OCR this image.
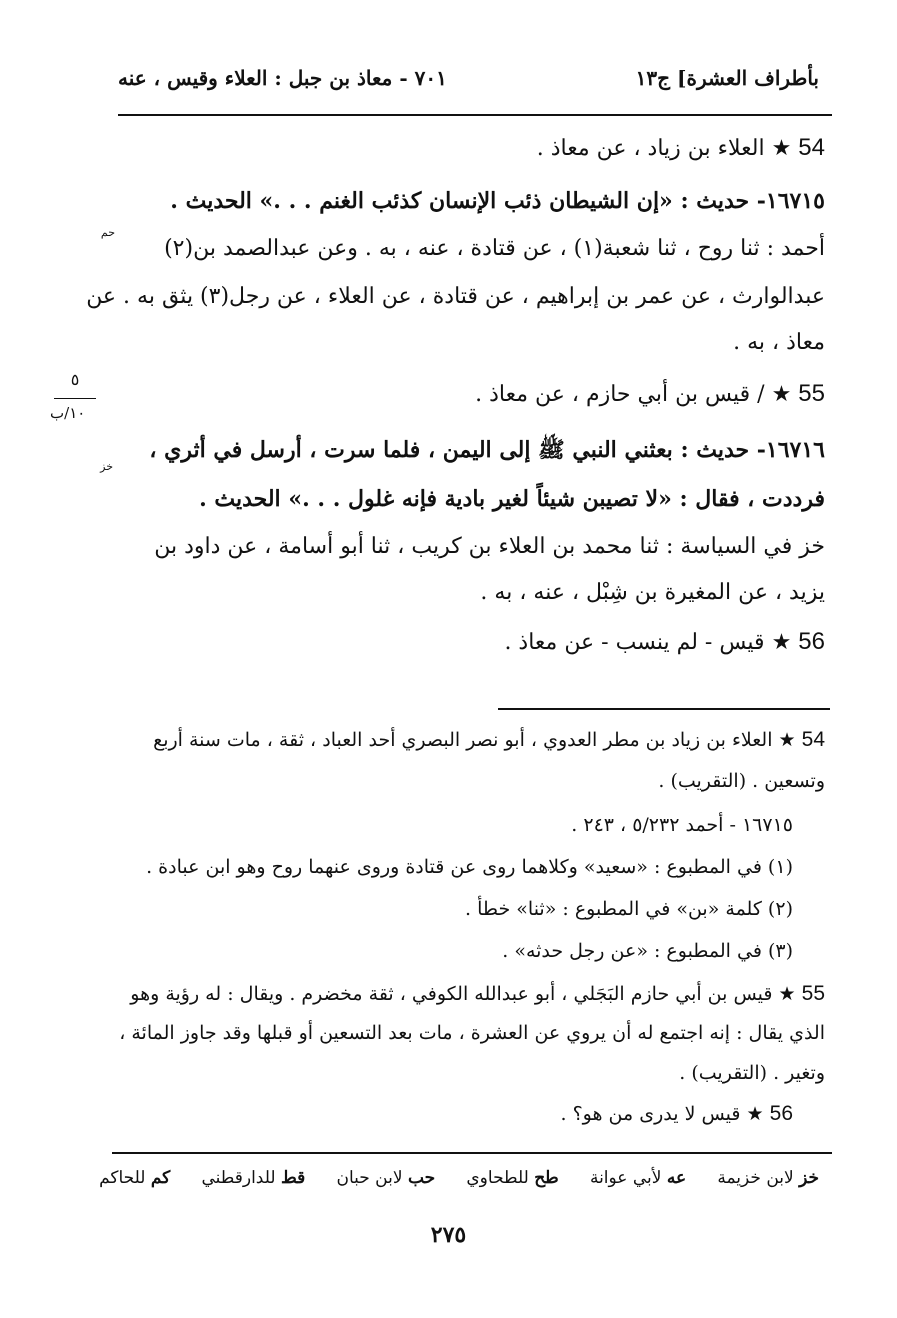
بأطراف العشرة] ج١٣
٧٠١ - معاذ بن جبل : العلاء وقيس ، عنه
٥
١٠/ب
54 ★ العلاء بن زياد ، عن معاذ .
١٦٧١٥- حديث : «إن الشيطان ذئب الإنسان كذئب الغنم . . .» الحديث .
حم
أحمد : ثنا روح ، ثنا شعبة(١) ، عن قتادة ، عنه ، به . وعن عبدالصمد بن(٢)
عبدالوارث ، عن عمر بن إبراهيم ، عن قتادة ، عن العلاء ، عن رجل(٣) يثق به . عن
معاذ ، به .
55 ★ / قيس بن أبي حازم ، عن معاذ .
١٦٧١٦- حديث : بعثني النبي ﷺ إلى اليمن ، فلما سرت ، أرسل في أثري ،
خز
فرددت ، فقال : «لا تصيبن شيئاً لغير بادية فإنه غلول . . .» الحديث .
خز في السياسة : ثنا محمد بن العلاء بن كريب ، ثنا أبو أسامة ، عن داود بن
يزيد ، عن المغيرة بن شِبْل ، عنه ، به .
56 ★ قيس - لم ينسب - عن معاذ .
54 ★ العلاء بن زياد بن مطر العدوي ، أبو نصر البصري أحد العباد ، ثقة ، مات سنة أربع
وتسعين . (التقريب) .
١٦٧١٥ - أحمد ٥/٢٣٢ ، ٢٤٣ .
(١) في المطبوع : «سعيد» وكلاهما روى عن قتادة وروى عنهما روح وهو ابن عبادة .
(٢) كلمة «بن» في المطبوع : «ثنا» خطأ .
(٣) في المطبوع : «عن رجل حدثه» .
55 ★ قيس بن أبي حازم البَجَلي ، أبو عبدالله الكوفي ، ثقة مخضرم . ويقال : له رؤية وهو
الذي يقال : إنه اجتمع له أن يروي عن العشرة ، مات بعد التسعين أو قبلها وقد جاوز المائة ،
وتغير . (التقريب) .
56 ★ قيس لا يدرى من هو؟ .
خز لابن خزيمة
عه لأبي عوانة
طح للطحاوي
حب لابن حبان
قط للدارقطني
كم للحاكم
٢٧٥
